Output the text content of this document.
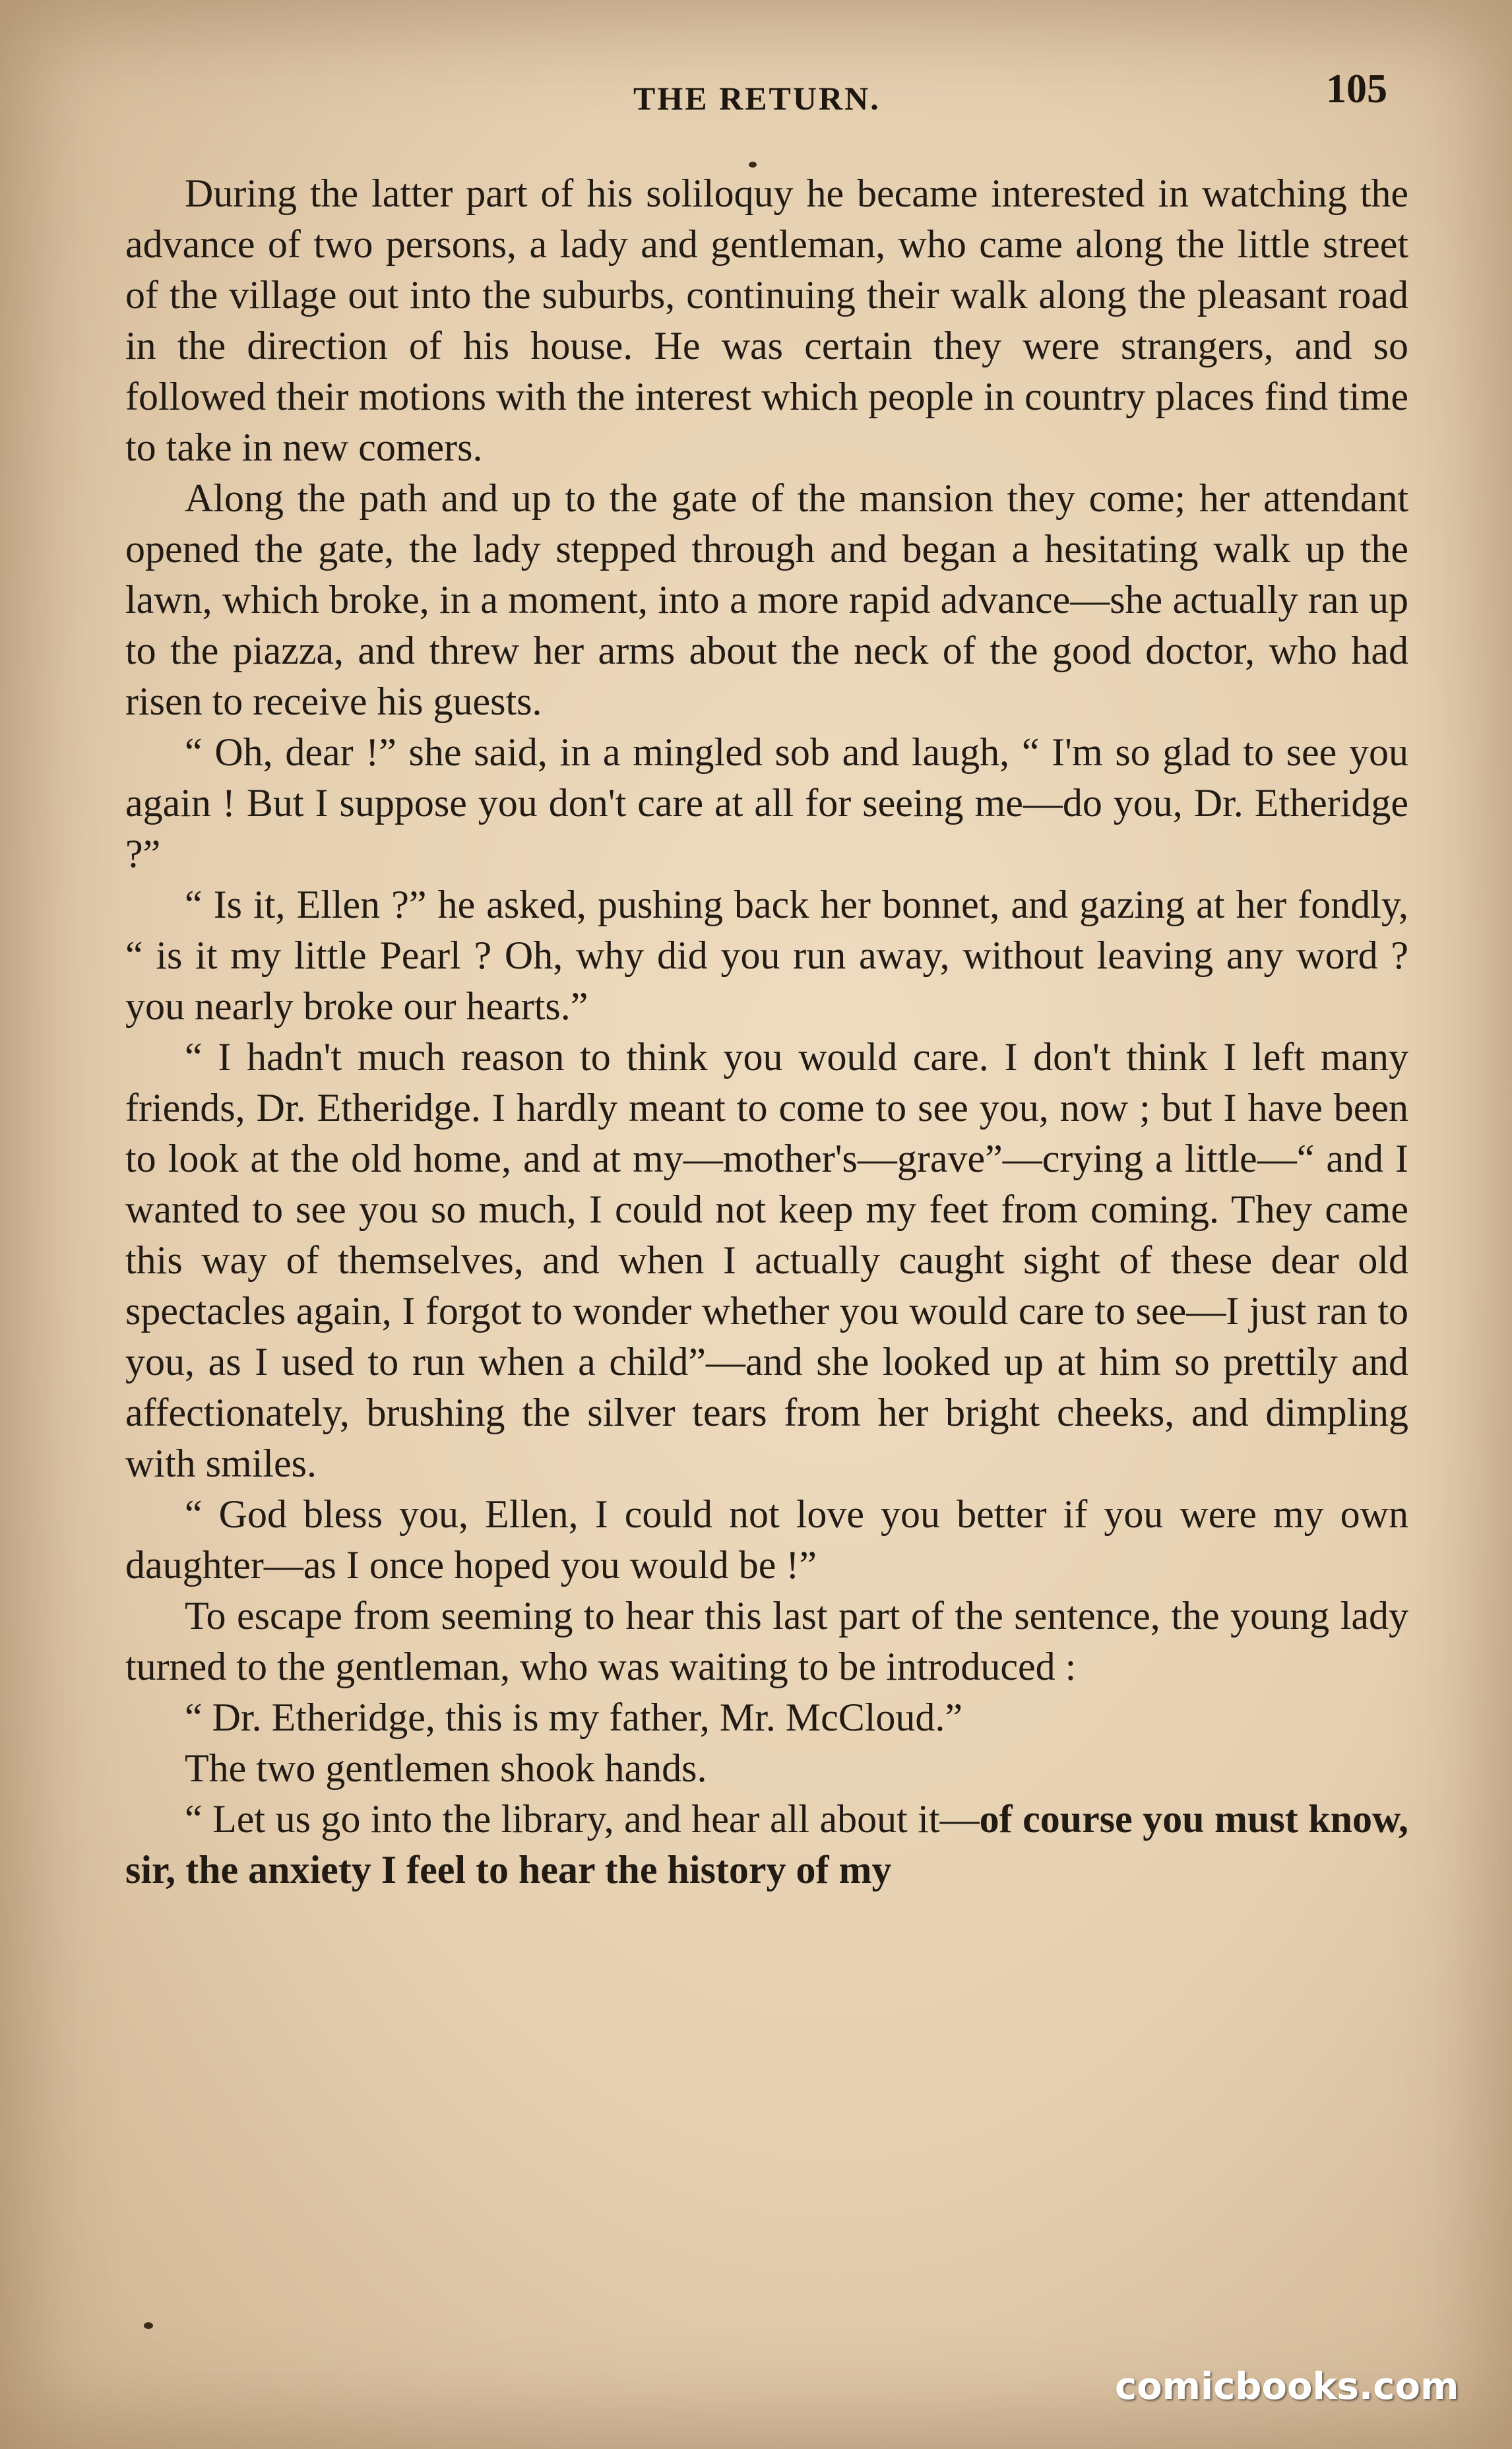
THE RETURN.	105

During the latter part of his soliloquy he became interested in watching the advance of two persons, a lady and gentleman, who came along the little street of the village out into the suburbs, continuing their walk along the pleasant road in the direction of his house. He was certain they were strangers, and so followed their motions with the interest which people in country places find time to take in new comers.

Along the path and up to the gate of the mansion they come; her attendant opened the gate, the lady stepped through and began a hesitating walk up the lawn, which broke, in a moment, into a more rapid advance—she actually ran up to the piazza, and threw her arms about the neck of the good doctor, who had risen to receive his guests.

“ Oh, dear !” she said, in a mingled sob and laugh, “ I'm so glad to see you again ! But I suppose you don't care at all for seeing me—do you, Dr. Etheridge ?”

“ Is it, Ellen ?” he asked, pushing back her bonnet, and gazing at her fondly, “ is it my little Pearl ? Oh, why did you run away, without leaving any word ? you nearly broke our hearts.”

“ I hadn't much reason to think you would care. I don't think I left many friends, Dr. Etheridge. I hardly meant to come to see you, now ; but I have been to look at the old home, and at my—mother's—grave”—crying a little—“ and I wanted to see you so much, I could not keep my feet from coming. They came this way of themselves, and when I actually caught sight of these dear old spectacles again, I forgot to wonder whether you would care to see—I just ran to you, as I used to run when a child”—and she looked up at him so prettily and affectionately, brushing the silver tears from her bright cheeks, and dimpling with smiles.

“ God bless you, Ellen, I could not love you better if you were my own daughter—as I once hoped you would be !”

To escape from seeming to hear this last part of the sentence, the young lady turned to the gentleman, who was waiting to be introduced :

“ Dr. Etheridge, this is my father, Mr. McCloud.”

The two gentlemen shook hands.

“ Let us go into the library, and hear all about it—of course you must know, sir, the anxiety I feel to hear the history of my

comicbooks.com
